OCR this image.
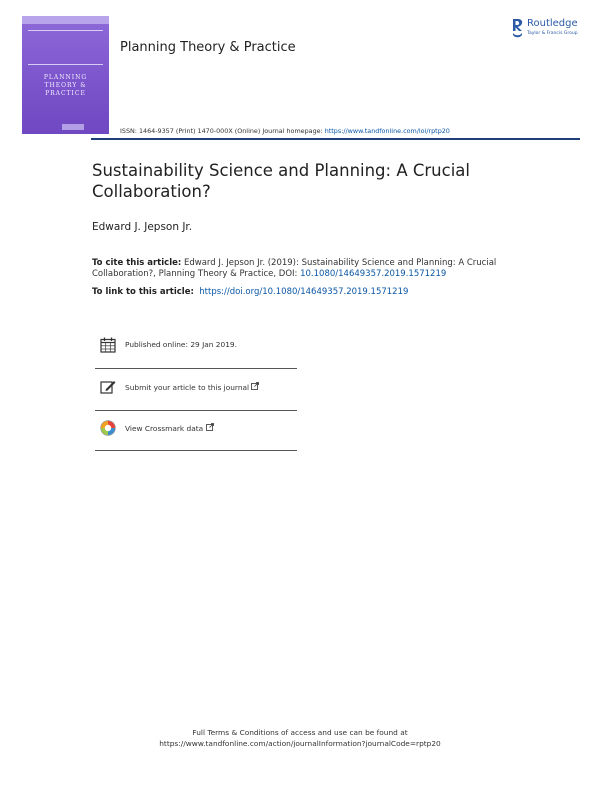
PLANNING
THEORY &
PRACTICE
Planning Theory & Practice
Routledge
Taylor & Francis Group
ISSN: 1464-9357 (Print) 1470-000X (Online) Journal homepage: https://www.tandfonline.com/loi/rptp20
Sustainability Science and Planning: A Crucial Collaboration?
Edward J. Jepson Jr.
To cite this article: Edward J. Jepson Jr. (2019): Sustainability Science and Planning: A Crucial Collaboration?, Planning Theory & Practice, DOI: 10.1080/14649357.2019.1571219
To link to this article: https://doi.org/10.1080/14649357.2019.1571219
Published online: 29 Jan 2019.
Submit your article to this journal
View Crossmark data
Full Terms & Conditions of access and use can be found at
https://www.tandfonline.com/action/journalInformation?journalCode=rptp20
